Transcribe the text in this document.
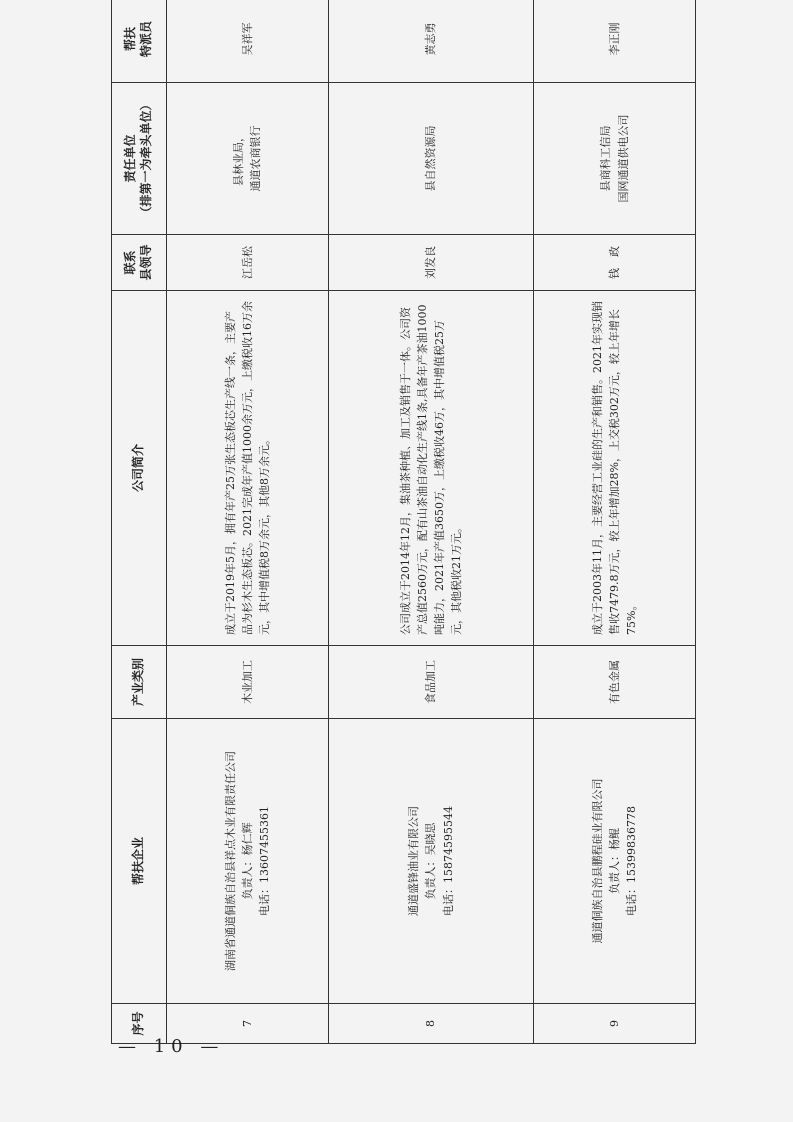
序号	帮扶企业	产业类别	公司简介	联系 县领导	责任单位 （排第一为牵头单位）	帮扶 特派员

7	湖南省通道侗族自治县祥点木业有限责任公司 负责人：杨仁辉 电话：13607455361	木业加工	成立于2019年5月，拥有年产25万张生态板芯生产线一条，主要产品为杉木生态板芯。2021完成年产值1000余万元，上缴税收16万余元，其中增值税8万余元，其他8万余元。	江岳松	县林业局， 通道农商银行	吴祥军
8	通道盛锋油业有限公司 负责人：吴晓思 电话：15874595544	食品加工	公司成立于2014年12月，集油茶种植、加工及销售于一体。公司资产总值2560万元，配有山茶油自动化生产线1条,具备年产茶油1000吨能力，2021年产值3650万，上缴税收46万，其中增值税25万元，其他税收21万元。	刘发良	县自然资源局	黄志勇
9	通道侗族自治县鹏程硅业有限公司 负责人：杨鲲 电话：15399836778	有色金属	成立于2003年11月，主要经营工业硅的生产和销售。2021年实现销售收7479.8万元，较上年增加28%，上交税302万元，较上年增长75%。	钱　政	县商科工信局 国网通道供电公司	李正刚
— 10 —
